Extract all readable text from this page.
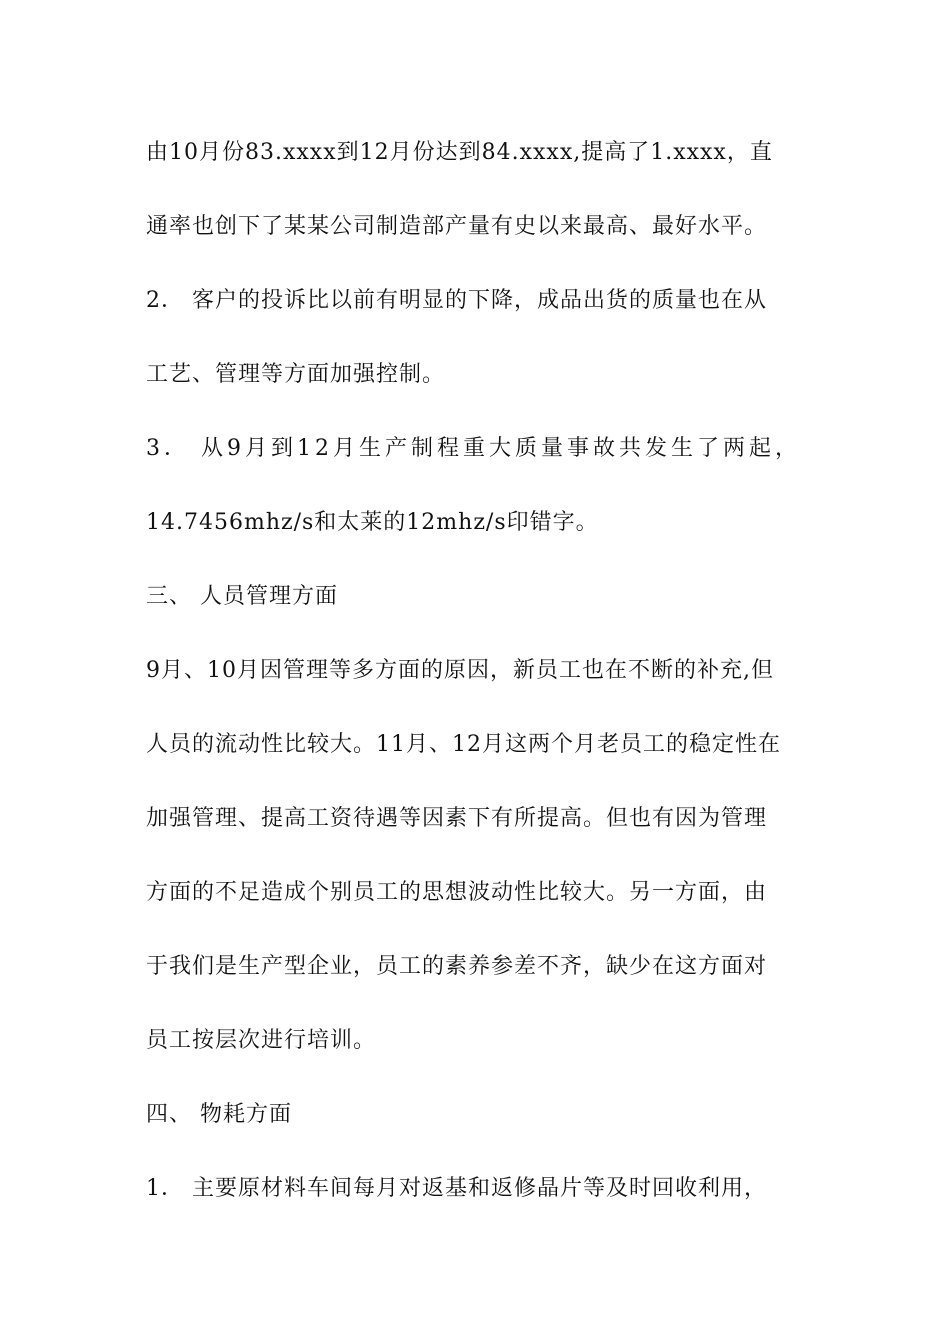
由10月份83.xxxx到12月份达到84.xxxx,提高了1.xxxx，直
通率也创下了某某公司制造部产量有史以来最高、最好水平。
2． 客户的投诉比以前有明显的下降，成品出货的质量也在从
工艺、管理等方面加强控制。
3． 从9月到12月生产制程重大质量事故共发生了两起，
14.7456mhz/s和太莱的12mhz/s印错字。
三、 人员管理方面
9月、10月因管理等多方面的原因，新员工也在不断的补充,但
人员的流动性比较大。11月、12月这两个月老员工的稳定性在
加强管理、提高工资待遇等因素下有所提高。但也有因为管理
方面的不足造成个别员工的思想波动性比较大。另一方面，由
于我们是生产型企业，员工的素养参差不齐，缺少在这方面对
员工按层次进行培训。
四、 物耗方面
1． 主要原材料车间每月对返基和返修晶片等及时回收利用，
